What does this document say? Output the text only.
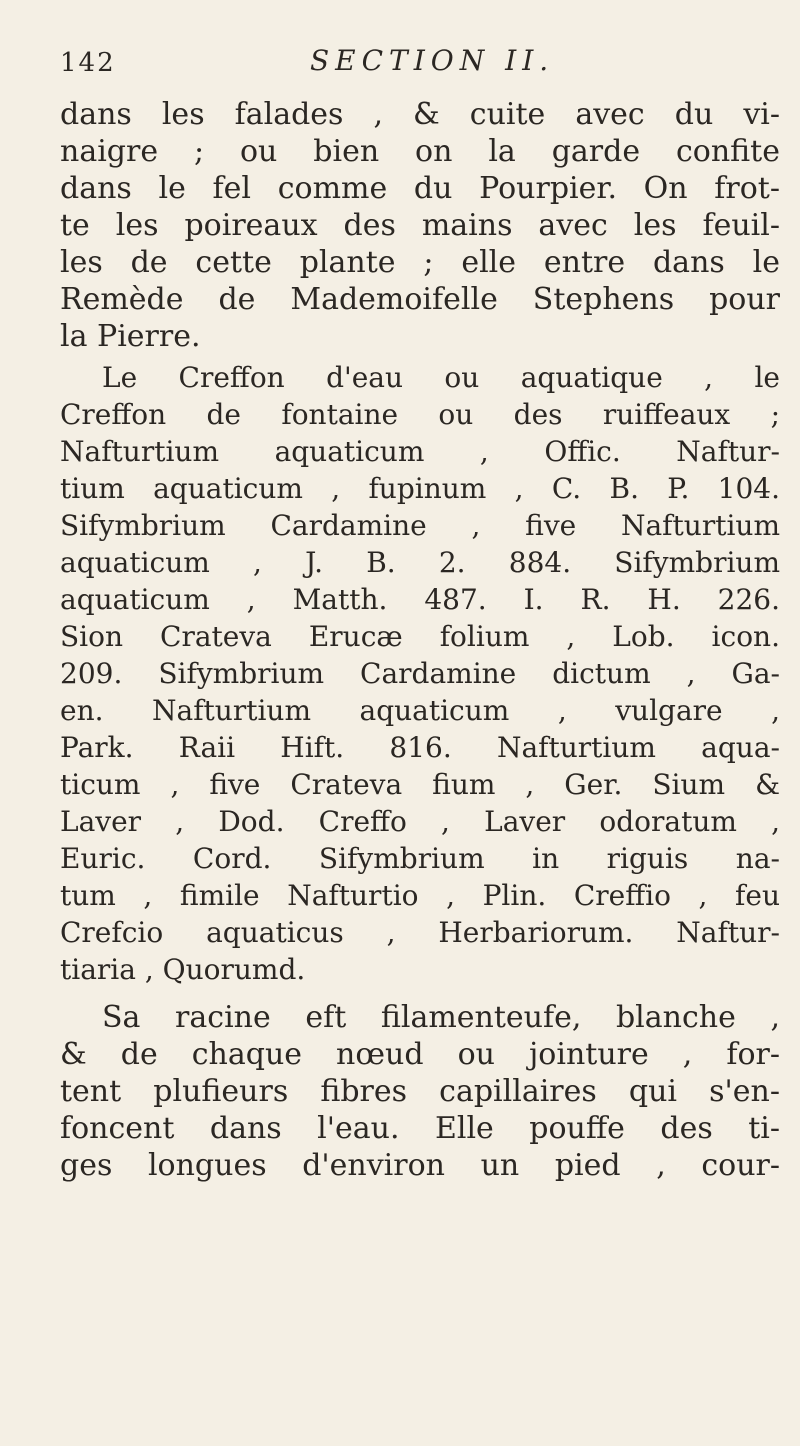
142	SECTION II.
dans les falades , & cuite avec du vi-
naigre ; ou bien on la garde confite
dans le fel comme du Pourpier. On frot-
te les poireaux des mains avec les feuil-
les de cette plante ; elle entre dans le
Remède de Mademoifelle Stephens pour
la Pierre.
Le Creffon d'eau ou aquatique , le
Creffon de fontaine ou des ruiffeaux ;
Nafturtium aquaticum , Offic. Naftur-
tium aquaticum , fupinum , C. B. P. 104.
Sifymbrium Cardamine , five Nafturtium
aquaticum , J. B. 2. 884. Sifymbrium
aquaticum , Matth. 487. I. R. H. 226.
Sion Crateva Erucæ folium , Lob. icon.
209. Sifymbrium Cardamine dictum , Ga-
en. Nafturtium aquaticum , vulgare ,
Park. Raii Hift. 816. Nafturtium aqua-
ticum , five Crateva fium , Ger. Sium &
Laver , Dod. Creffo , Laver odoratum ,
Euric. Cord. Sifymbrium in riguis na-
tum , fimile Nafturtio , Plin. Creffio , feu
Crefcio aquaticus , Herbariorum. Naftur-
tiaria , Quorumd.
Sa racine eft filamenteufe, blanche ,
& de chaque nœud ou jointure , for-
tent plufieurs fibres capillaires qui s'en-
foncent dans l'eau. Elle pouffe des ti-
ges longues d'environ un pied , cour-
